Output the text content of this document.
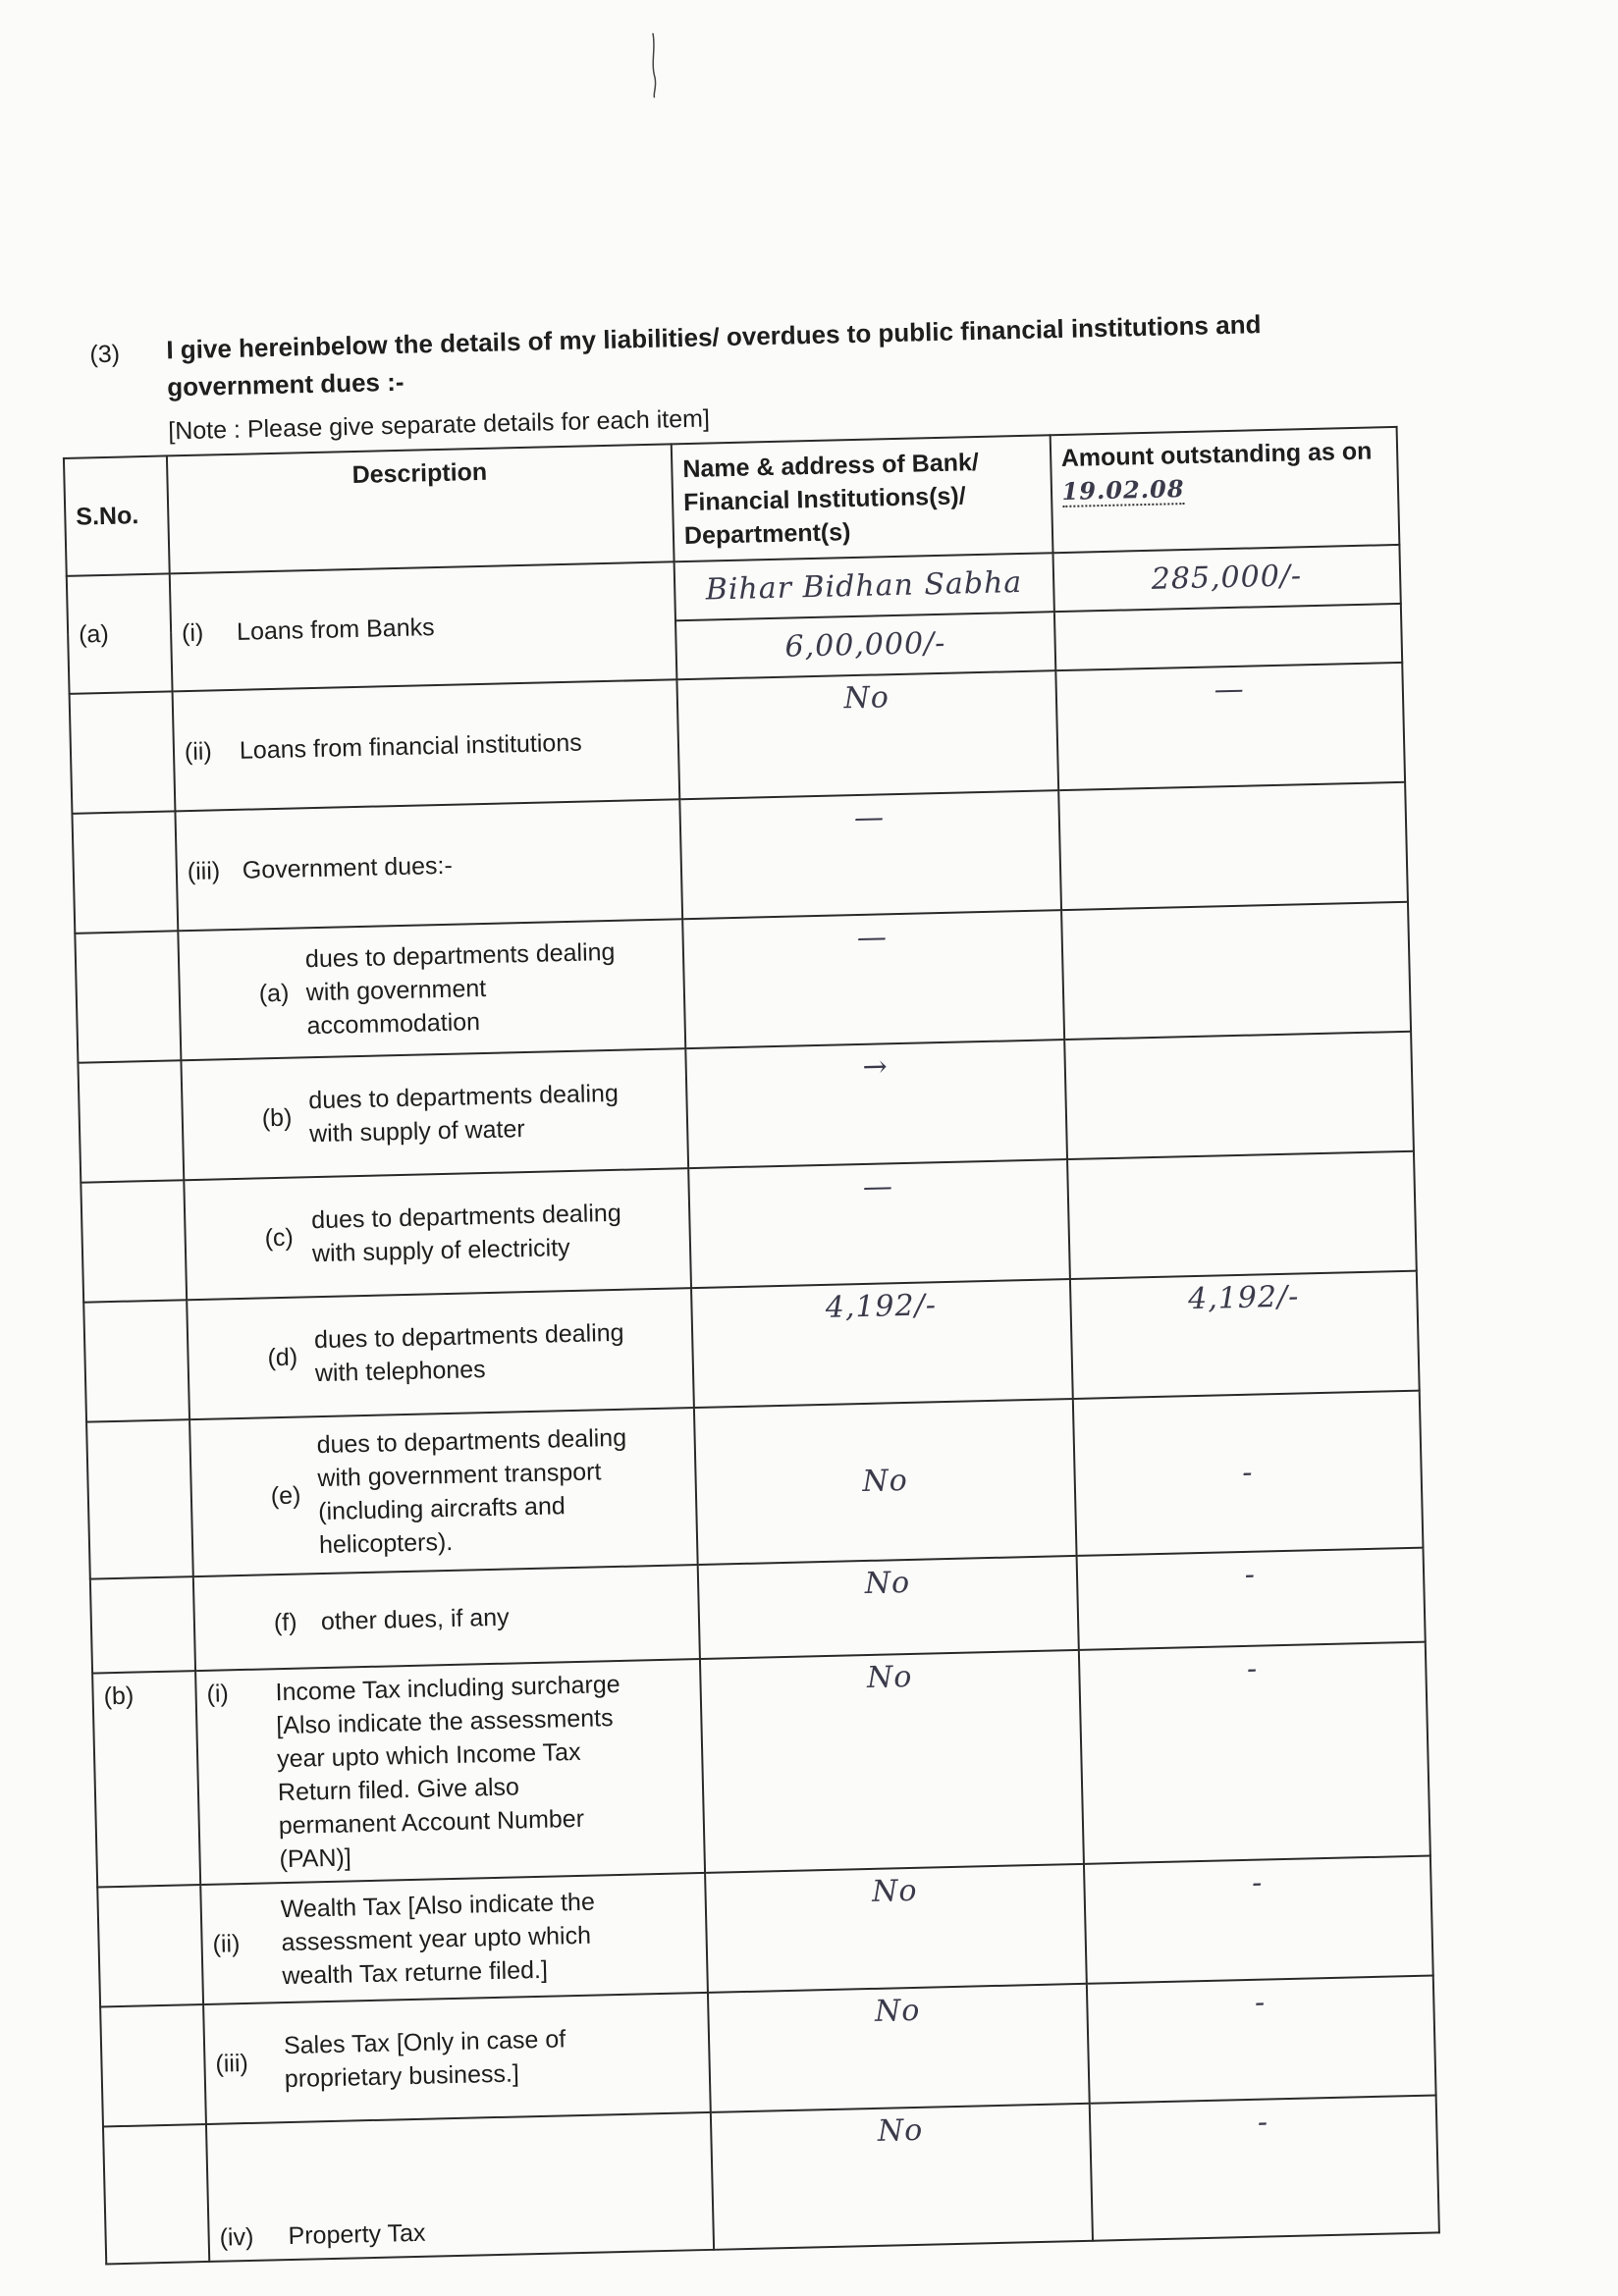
(3) I give hereinbelow the details of my liabilities/ overdues to public financial institutions and government dues :-
[Note : Please give separate details for each item]
S.No.	Description	Name & address of Bank/ Financial Institutions(s)/ Department(s)	Amount outstanding as on 19.02.08
(a)	(i) Loans from Banks	Bihar Bidhan Sabha	285,000/-
		6,00,000/-	
	(ii) Loans from financial institutions	No	—
	(iii) Government dues:-	—	
	(a)dues to departments dealing with government accommodation	—	
	(b)dues to departments dealing with supply of water	→	
	(c)dues to departments dealing with supply of electricity	—	
	(d)dues to departments dealing with telephones	4,192/-	4,192/-
	(e)dues to departments dealing with government transport (including aircrafts and helicopters).	No	-
	(f) other dues, if any	No	-
(b)	(i) Income Tax including surcharge [Also indicate the assessments year upto which Income Tax Return filed. Give also permanent Account Number (PAN)]	No	-
	(ii)Wealth Tax [Also indicate the assessment year upto which wealth Tax returne filed.]	No	-
	(iii)Sales Tax [Only in case of proprietary business.]	No	-
	(iv) Property Tax	No	-
